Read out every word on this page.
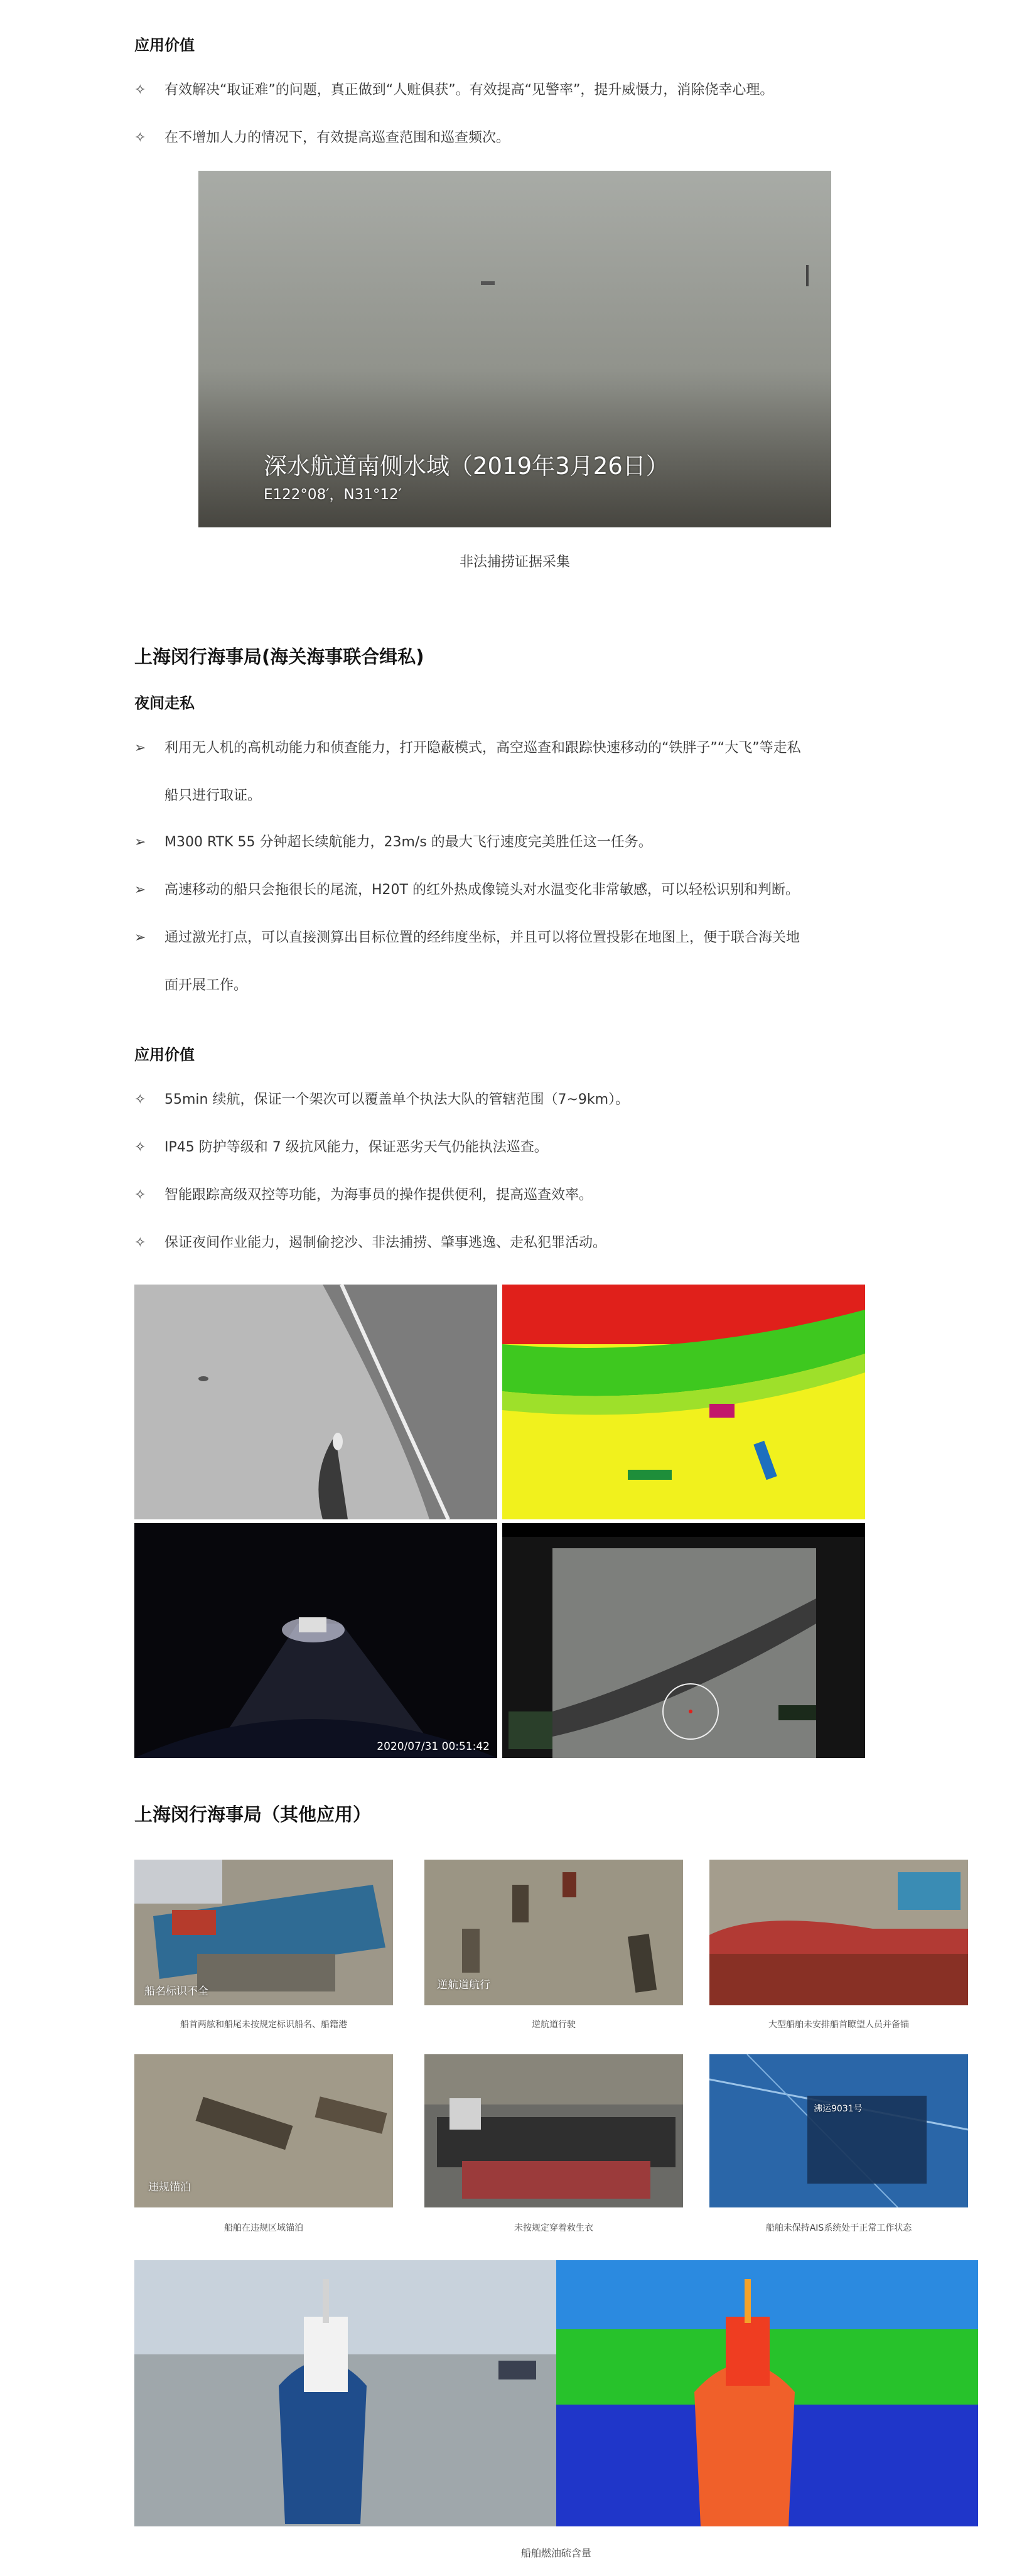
应用价值
✧ 有效解决“取证难”的问题，真正做到“人赃俱获”。有效提高“见警率”，提升威慑力，消除侥幸心理。
✧ 在不增加人力的情况下，有效提高巡查范围和巡查频次。
深水航道南侧水域（2019年3月26日）
E122°08′，N31°12′
非法捕捞证据采集
上海闵行海事局(海关海事联合缉私)
夜间走私
➢ 利用无人机的高机动能力和侦查能力，打开隐蔽模式，高空巡查和跟踪快速移动的“铁胖子”“大飞”等走私
船只进行取证。
➢ M300 RTK 55 分钟超长续航能力，23m/s 的最大飞行速度完美胜任这一任务。
➢ 高速移动的船只会拖很长的尾流，H20T 的红外热成像镜头对水温变化非常敏感，可以轻松识别和判断。
➢ 通过激光打点，可以直接测算出目标位置的经纬度坐标，并且可以将位置投影在地图上，便于联合海关地
面开展工作。
应用价值
✧ 55min 续航，保证一个架次可以覆盖单个执法大队的管辖范围（7~9km）。
✧ IP45 防护等级和 7 级抗风能力，保证恶劣天气仍能执法巡查。
✧ 智能跟踪高级双控等功能，为海事员的操作提供便利，提高巡查效率。
✧ 保证夜间作业能力，遏制偷挖沙、非法捕捞、肇事逃逸、走私犯罪活动。
2020/07/31 00:51:42
上海闵行海事局（其他应用）
船名标识不全	逆航道航行
船首两舷和船尾未按规定标识船名、船籍港	逆航道行驶	大型船舶未安排船首瞭望人员并备锚
违规锚泊
沸运9031号
船舶在违规区域锚泊	未按规定穿着救生衣	船舶未保持AIS系统处于正常工作状态
船舶燃油硫含量
